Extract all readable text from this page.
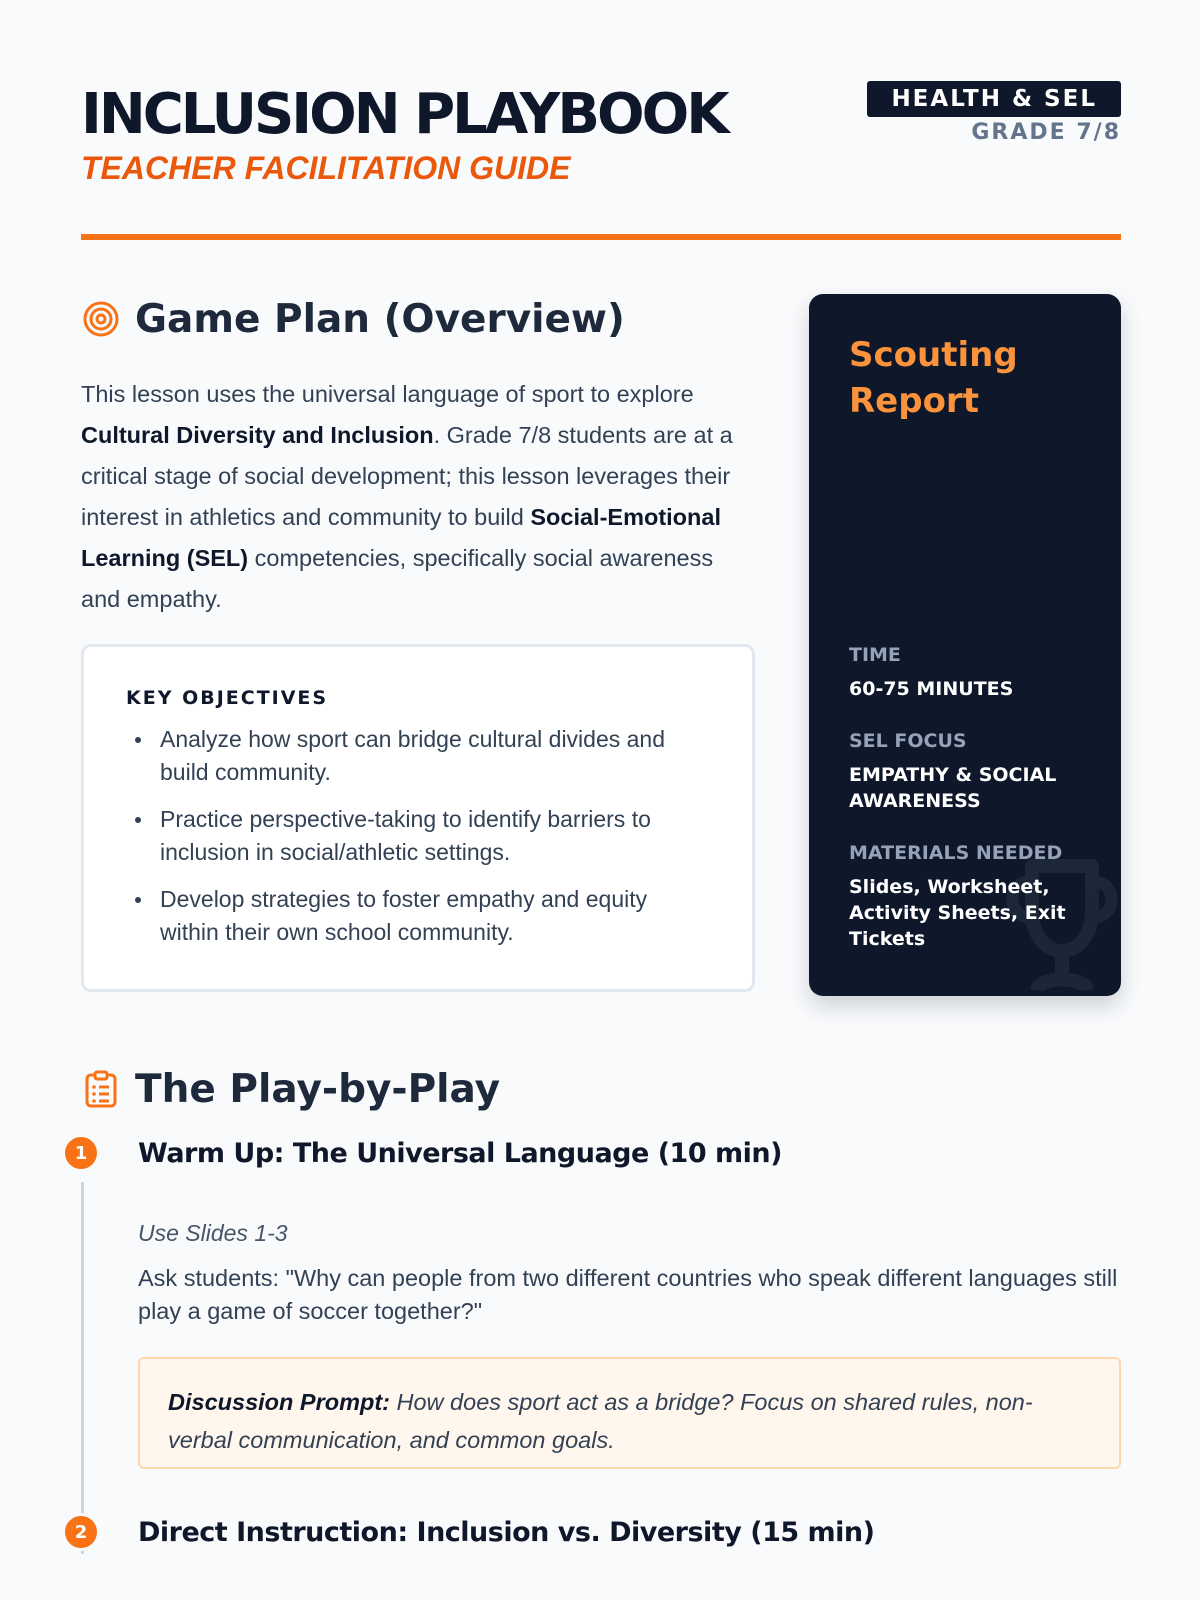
INCLUSION PLAYBOOK
TEACHER FACILITATION GUIDE
HEALTH & SEL
GRADE 7/8
Game Plan (Overview)

This lesson uses the universal language of sport to explore Cultural Diversity and Inclusion. Grade 7/8 students are at a critical stage of social development; this lesson leverages their interest in athletics and community to build Social-Emotional Learning (SEL) competencies, specifically social awareness and empathy.

KEY OBJECTIVES
Analyze how sport can bridge cultural divides and build community.
Practice perspective-taking to identify barriers to inclusion in social/athletic settings.
Develop strategies to foster empathy and equity within their own school community.
Scouting Report
TIME
60-75 MINUTES
SEL FOCUS
EMPATHY & SOCIAL AWARENESS
MATERIALS NEEDED
Slides, Worksheet, Activity Sheets, Exit Tickets
The Play-by-Play
1	Warm Up: The Universal Language (10 min)
Use Slides 1-3
Ask students: "Why can people from two different countries who speak different languages still play a game of soccer together?"
Discussion Prompt: How does sport act as a bridge? Focus on shared rules, non-verbal communication, and common goals.
2	Direct Instruction: Inclusion vs. Diversity (15 min)
